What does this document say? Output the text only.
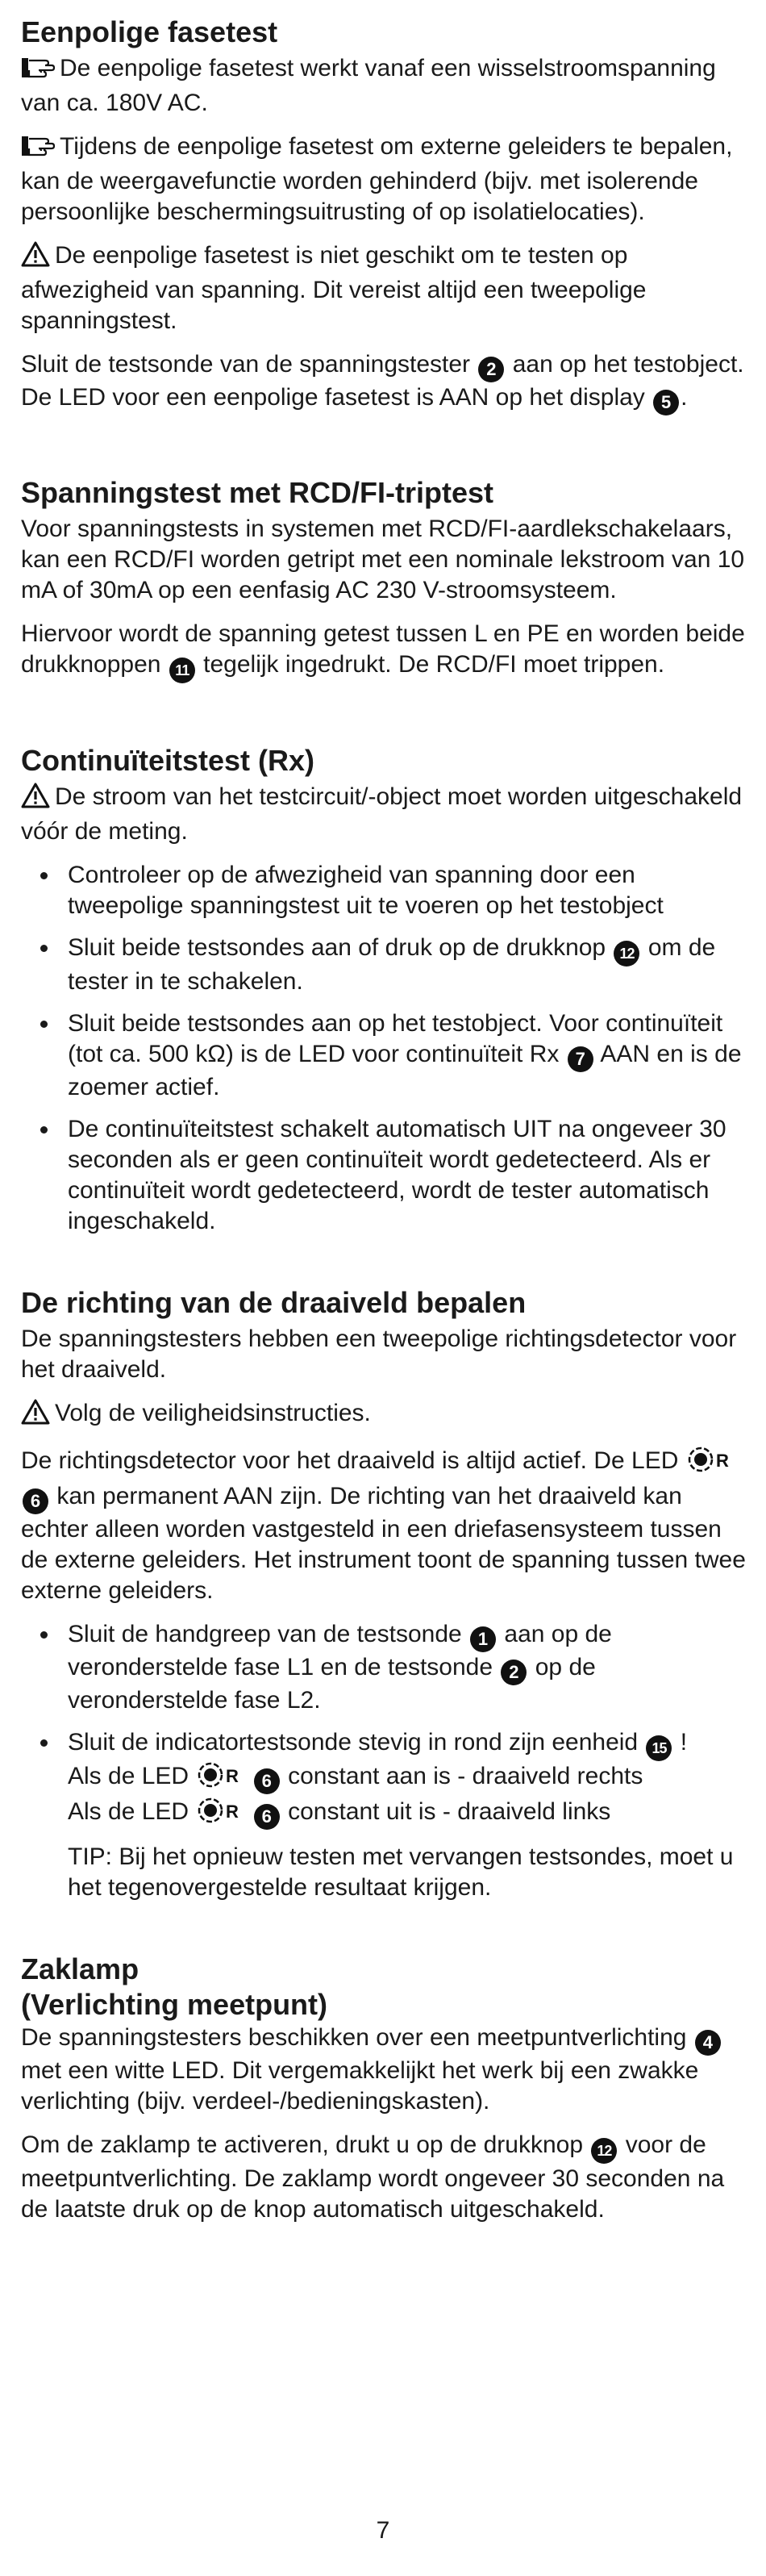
Eenpolige fasetest

De eenpolige fasetest werkt vanaf een wisselstroomspanning van ca. 180V AC.

Tijdens de eenpolige fasetest om externe geleiders te bepalen, kan de weergavefunctie worden gehinderd (bijv. met isolerende persoonlijke beschermingsuitrusting of op isolatielocaties).

De eenpolige fasetest is niet geschikt om te testen op afwezigheid van spanning. Dit vereist altijd een tweepolige spanningstest.

Sluit de testsonde van de spanningstester 2 aan op het testobject. De LED voor een eenpolige fasetest is AAN op het display 5 .

Spanningstest met RCD/FI-triptest

Voor spanningstests in systemen met RCD/FI-aardlekschakelaars, kan een RCD/FI worden getript met een nominale lekstroom van 10 mA of 30mA op een eenfasig AC 230 V-stroomsysteem.

Hiervoor wordt de spanning getest tussen L en PE en worden beide drukknoppen 11 tegelijk ingedrukt. De RCD/FI moet trippen.

Continuïteitstest (Rx)

De stroom van het testcircuit/-object moet worden uitgeschakeld vóór de meting.

Controleer op de afwezigheid van spanning door een tweepolige spanningstest uit te voeren op het testobject
Sluit beide testsondes aan of druk op de drukknop 12 om de tester in te schakelen.
Sluit beide testsondes aan op het testobject. Voor continuïteit (tot ca. 500 kΩ) is de LED voor continuïteit Rx 7 AAN en is de zoemer actief.
De continuïteitstest schakelt automatisch UIT na ongeveer 30 seconden als er geen continuïteit wordt gedetecteerd. Als er continuïteit wordt gedetecteerd, wordt de tester automatisch ingeschakeld.
De richting van de draaiveld bepalen

De spanningstesters hebben een tweepolige richtingsdetector voor het draaiveld.

Volg de veiligheidsinstructies.

De richtingsdetector voor het draaiveld is altijd actief. De LED R
6 kan permanent AAN zijn. De richting van het draaiveld kan echter alleen worden vastgesteld in een driefasensysteem tussen de externe geleiders. Het instrument toont de spanning tussen twee externe geleiders.

Sluit de handgreep van de testsonde 1 aan op de veronderstelde fase L1 en de testsonde 2 op de veronderstelde fase L2.
Sluit de indicatortestsonde stevig in rond zijn eenheid 15 !
Als de LED R 6 constant aan is - draaiveld rechts
Als de LED R 6 constant uit is - draaiveld links
TIP: Bij het opnieuw testen met vervangen testsondes, moet u het tegenovergestelde resultaat krijgen.
Zaklamp
(Verlichting meetpunt)

De spanningstesters beschikken over een meetpuntverlichting 4 met een witte LED. Dit vergemakkelijkt het werk bij een zwakke verlichting (bijv. verdeel-/bedieningskasten).

Om de zaklamp te activeren, drukt u op de drukknop 12 voor de meetpuntverlichting. De zaklamp wordt ongeveer 30 seconden na de laatste druk op de knop automatisch uitgeschakeld.

7
